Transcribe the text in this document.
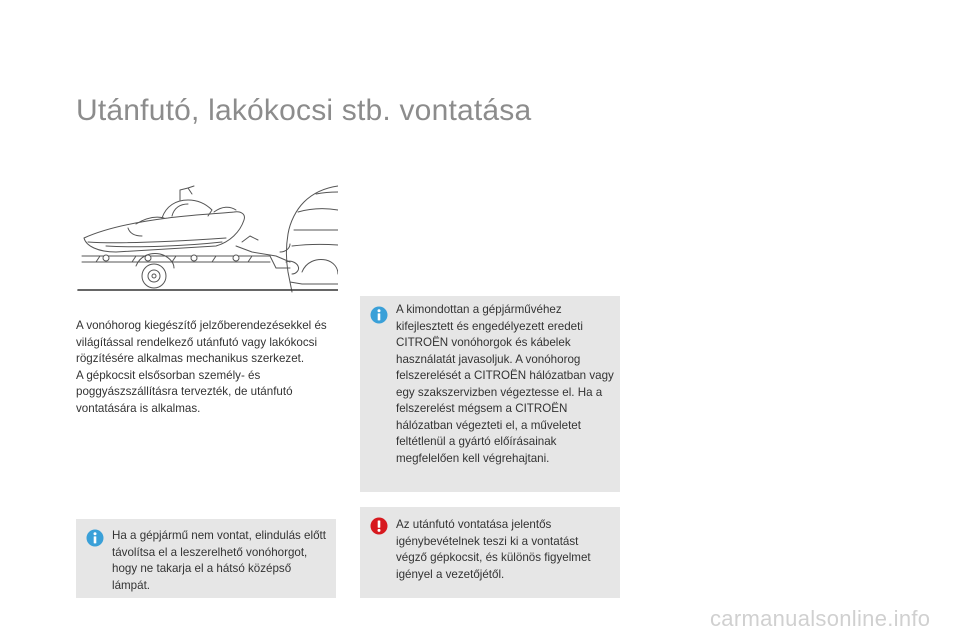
Utánfutó, lakókocsi stb. vontatása
A vonóhorog kiegészítő jelzőberendezésekkel és világítással rendelkező utánfutó vagy lakókocsi rögzítésére alkalmas mechanikus szerkezet.
A gépkocsit elsősorban személy- és poggyászszállításra tervezték, de utánfutó vontatására is alkalmas.

A kimondottan a gépjárművéhez kifejlesztett és engedélyezett eredeti CITROËN vonóhorgok és kábelek használatát javasoljuk. A vonóhorog felszerelését a CITROËN hálózatban vagy egy szakszervizben végeztesse el. Ha a felszerelést mégsem a CITROËN hálózatban végezteti el, a műveletet feltétlenül a gyártó előírásainak megfelelően kell végrehajtani.

Az utánfutó vontatása jelentős igénybevételnek teszi ki a vontatást végző gépkocsit, és különös figyelmet igényel a vezetőjétől.

Ha a gépjármű nem vontat, elindulás előtt távolítsa el a leszerelhető vonóhorgot, hogy ne takarja el a hátsó középső lámpát.

carmanualsonline.info
